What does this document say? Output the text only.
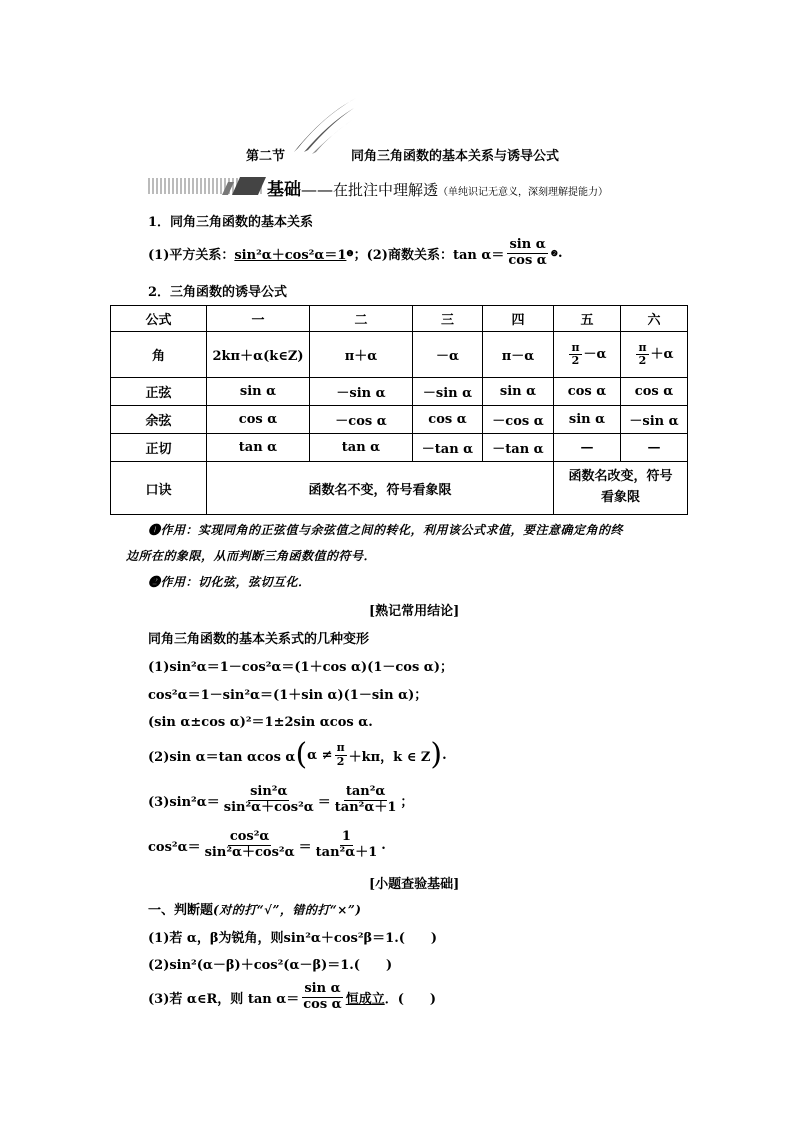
第二节	同角三角函数的基本关系与诱导公式
基础——在批注中理解透（单纯识记无意义，深刻理解提能力）
1．同角三角函数的基本关系
(1)平方关系： sin²α＋cos²α＝1 ❶ ；(2)商数关系：$\tan \alpha= \frac{\text{sin α}}{\text{cos α}}$ ❷ .
2．三角函数的诱导公式
公式	一	二	三	四	五	六
角	2kπ＋α(k∈Z)	π＋α	－α	π－α	$\frac{\pi}{2} -\alpha$	$\frac{\pi}{2} +\alpha$
正弦	sin α	－sin α	－sin α	sin α	cos α	cos α
余弦	cos α	－cos α	cos α	－cos α	sin α	－sin α
正切	tan α	tan α	－tan α	－tan α	—	—
口诀	函数名不变，符号看象限				函数名改变，符号
看象限	
❶作用：实现同角的正弦值与余弦值之间的转化，利用该公式求值，要注意确定角的终
边所在的象限，从而判断三角函数值的符号．
❷作用：切化弦，弦切互化．
[熟记常用结论]
同角三角函数的基本关系式的几种变形
(1)sin²α＝1－cos²α＝(1＋cos α)(1－cos α)；
cos²α＝1－sin²α＝(1＋sin α)(1－sin α)；
(sin α±cos α)²＝1±2sin αcos α.
(2)sin α＝tan αcos α ( $\alpha \ne \frac{\pi}{2} +k\pi$，k ∈ Z ) .
$(3)\sin^2\alpha= \frac{\text{sin²α}}{\text{sin²α＋cos²α}} = \frac{\text{tan²α}}{\text{tan²α＋1}}$ ；
$\cos^2\alpha= \frac{\text{cos²α}}{\text{sin²α＋cos²α}} = \frac{1}{\text{tan²α＋1}}$ .
[小题查验基础]
一、判断题(对的打“√”，错的打“×”)
(1)若 α，β为锐角，则sin²α＋cos²β＝1.(　　)
(2)sin²(α－β)＋cos²(α－β)＝1.(　　)
(3)若 α∈R，则 $\tan \alpha= \frac{\text{sin α}}{\text{cos α}}$ 恒成立 ．(　　)
